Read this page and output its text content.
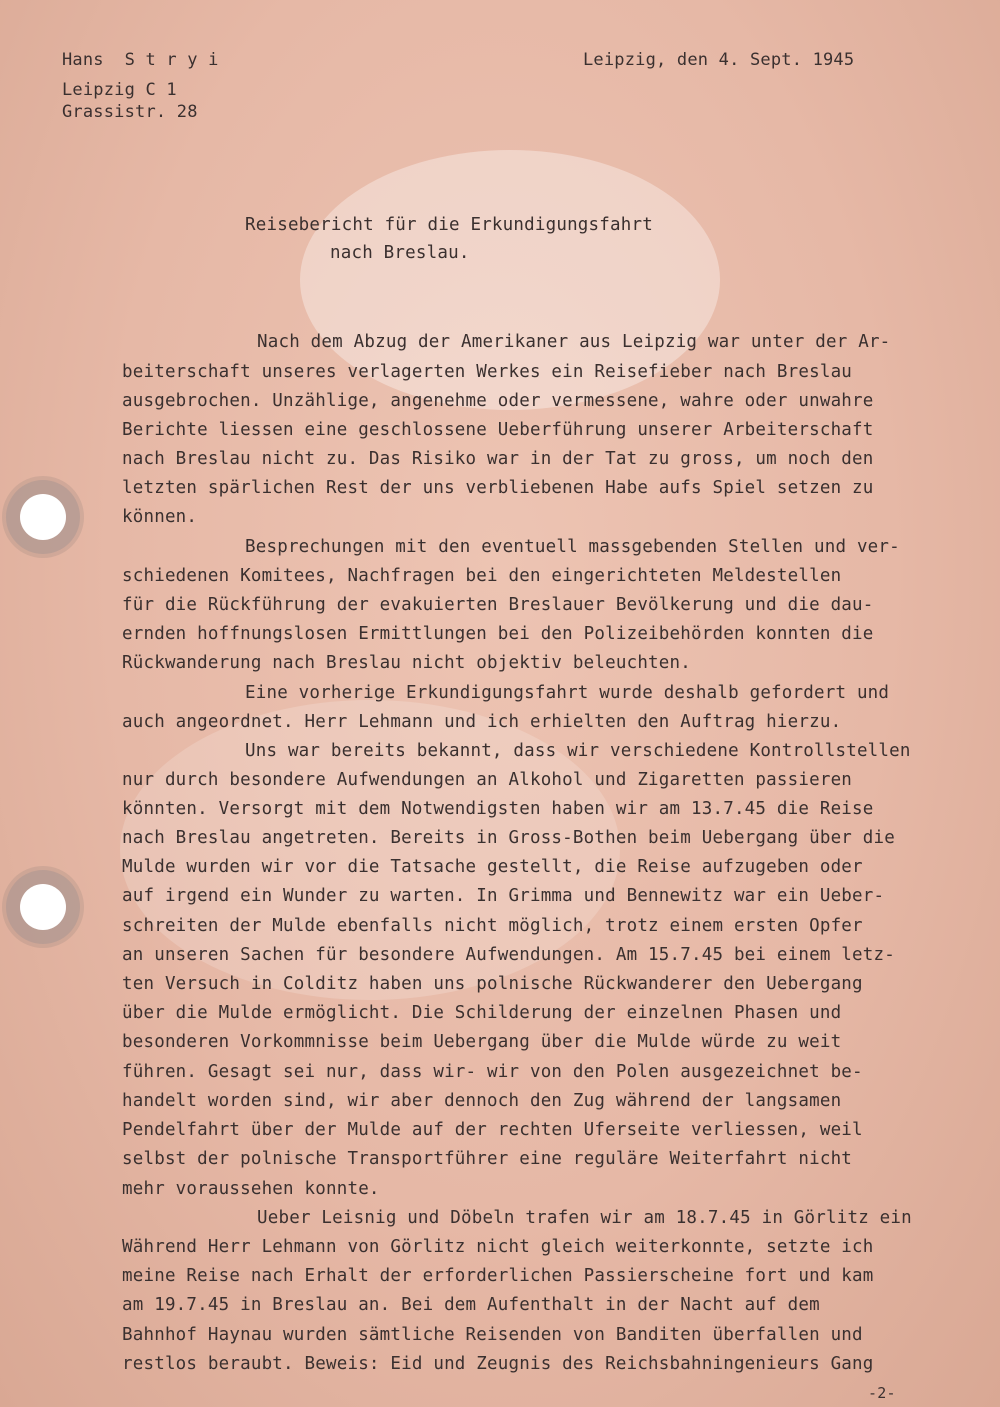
Hans  S t r y i
Leipzig C 1
Grassistr. 28
Leipzig, den 4. Sept. 1945
Reisebericht für die Erkundigungsfahrt
nach Breslau.
Nach dem Abzug der Amerikaner aus Leipzig war unter der Ar-
beiterschaft unseres verlagerten Werkes ein Reisefieber nach Breslau
ausgebrochen. Unzählige, angenehme oder vermessene, wahre oder unwahre
Berichte liessen eine geschlossene Ueberführung unserer Arbeiterschaft
nach Breslau nicht zu. Das Risiko war in der Tat zu gross, um noch den
letzten spärlichen Rest der uns verbliebenen Habe aufs Spiel setzen zu
können.
Besprechungen mit den eventuell massgebenden Stellen und ver-
schiedenen Komitees, Nachfragen bei den eingerichteten Meldestellen
für die Rückführung der evakuierten Breslauer Bevölkerung und die dau-
ernden hoffnungslosen Ermittlungen bei den Polizeibehörden konnten die
Rückwanderung nach Breslau nicht objektiv beleuchten.
Eine vorherige Erkundigungsfahrt wurde deshalb gefordert und
auch angeordnet. Herr Lehmann und ich erhielten den Auftrag hierzu.
Uns war bereits bekannt, dass wir verschiedene Kontrollstellen
nur durch besondere Aufwendungen an Alkohol und Zigaretten passieren
könnten. Versorgt mit dem Notwendigsten haben wir am 13.7.45 die Reise
nach Breslau angetreten. Bereits in Gross-Bothen beim Uebergang über die
Mulde wurden wir vor die Tatsache gestellt, die Reise aufzugeben oder
auf irgend ein Wunder zu warten. In Grimma und Bennewitz war ein Ueber-
schreiten der Mulde ebenfalls nicht möglich, trotz einem ersten Opfer
an unseren Sachen für besondere Aufwendungen. Am 15.7.45 bei einem letz-
ten Versuch in Colditz haben uns polnische Rückwanderer den Uebergang
über die Mulde ermöglicht. Die Schilderung der einzelnen Phasen und
besonderen Vorkommnisse beim Uebergang über die Mulde würde zu weit
führen. Gesagt sei nur, dass wir- wir von den Polen ausgezeichnet be-
handelt worden sind, wir aber dennoch den Zug während der langsamen
Pendelfahrt über der Mulde auf der rechten Uferseite verliessen, weil
selbst der polnische Transportführer eine reguläre Weiterfahrt nicht
mehr voraussehen konnte.
Ueber Leisnig und Döbeln trafen wir am 18.7.45 in Görlitz ein
Während Herr Lehmann von Görlitz nicht gleich weiterkonnte, setzte ich
meine Reise nach Erhalt der erforderlichen Passierscheine fort und kam
am 19.7.45 in Breslau an. Bei dem Aufenthalt in der Nacht auf dem
Bahnhof Haynau wurden sämtliche Reisenden von Banditen überfallen und
restlos beraubt. Beweis: Eid und Zeugnis des Reichsbahningenieurs Gang
-2-
